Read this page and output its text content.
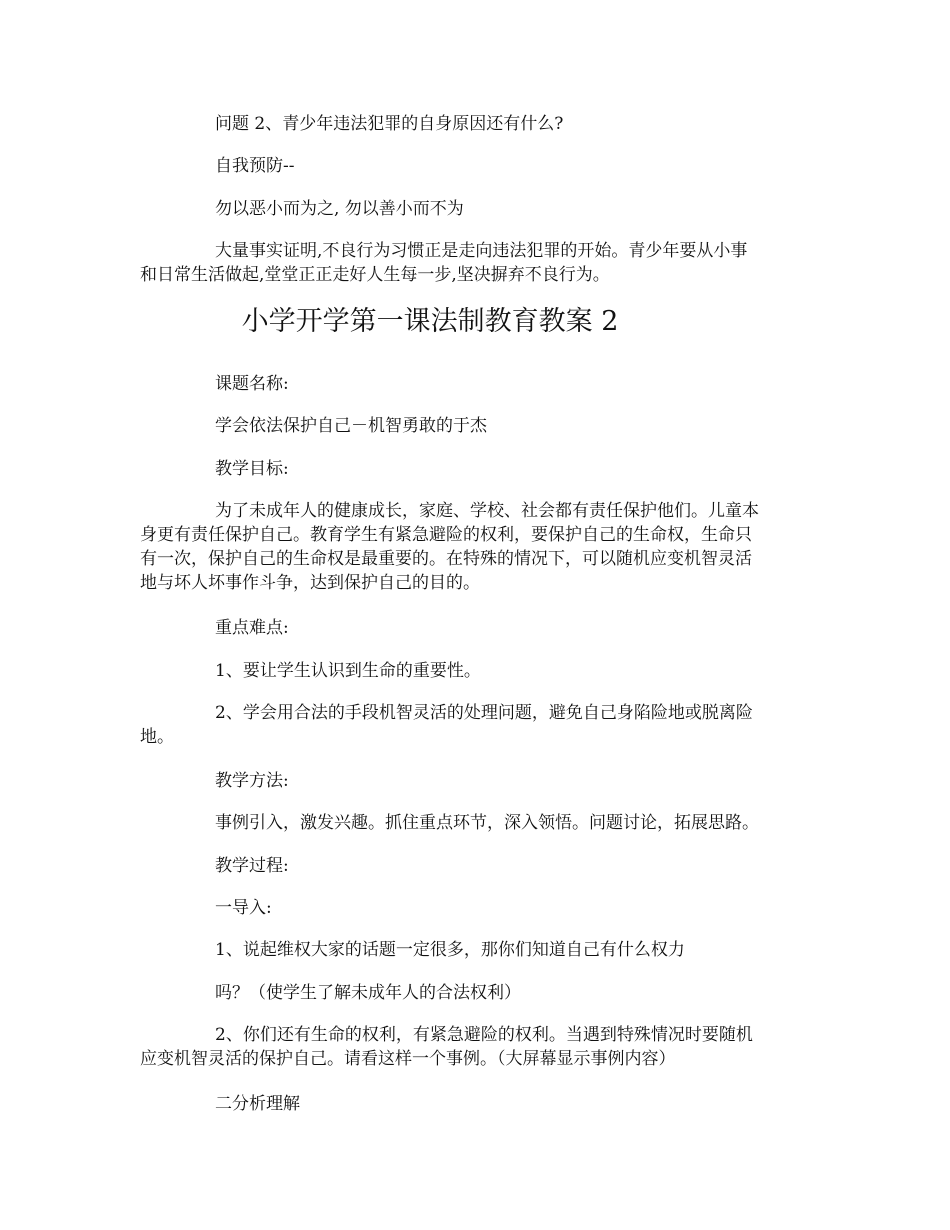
问题 2、青少年违法犯罪的自身原因还有什么?

自我预防--

勿以恶小而为之, 勿以善小而不为

大量事实证明,不良行为习惯正是走向违法犯罪的开始。青少年要从小事
和日常生活做起,堂堂正正走好人生每一步,坚决摒弃不良行为。
小学开学第一课法制教育教案 2

课题名称:

学会依法保护自己－机智勇敢的于杰

教学目标:

为了未成年人的健康成长，家庭、学校、社会都有责任保护他们。儿童本
身更有责任保护自己。教育学生有紧急避险的权利，要保护自己的生命权，生命只
有一次，保护自己的生命权是最重要的。在特殊的情况下，可以随机应变机智灵活
地与坏人坏事作斗争，达到保护自己的目的。

重点难点:

1、要让学生认识到生命的重要性。

2、学会用合法的手段机智灵活的处理问题，避免自己身陷险地或脱离险
地。

教学方法:

事例引入，激发兴趣。抓住重点环节，深入领悟。问题讨论，拓展思路。

教学过程:

一导入:

1、说起维权大家的话题一定很多，那你们知道自己有什么权力

吗？（使学生了解未成年人的合法权利）

2、你们还有生命的权利，有紧急避险的权利。当遇到特殊情况时要随机
应变机智灵活的保护自己。请看这样一个事例。（大屏幕显示事例内容）

二分析理解
